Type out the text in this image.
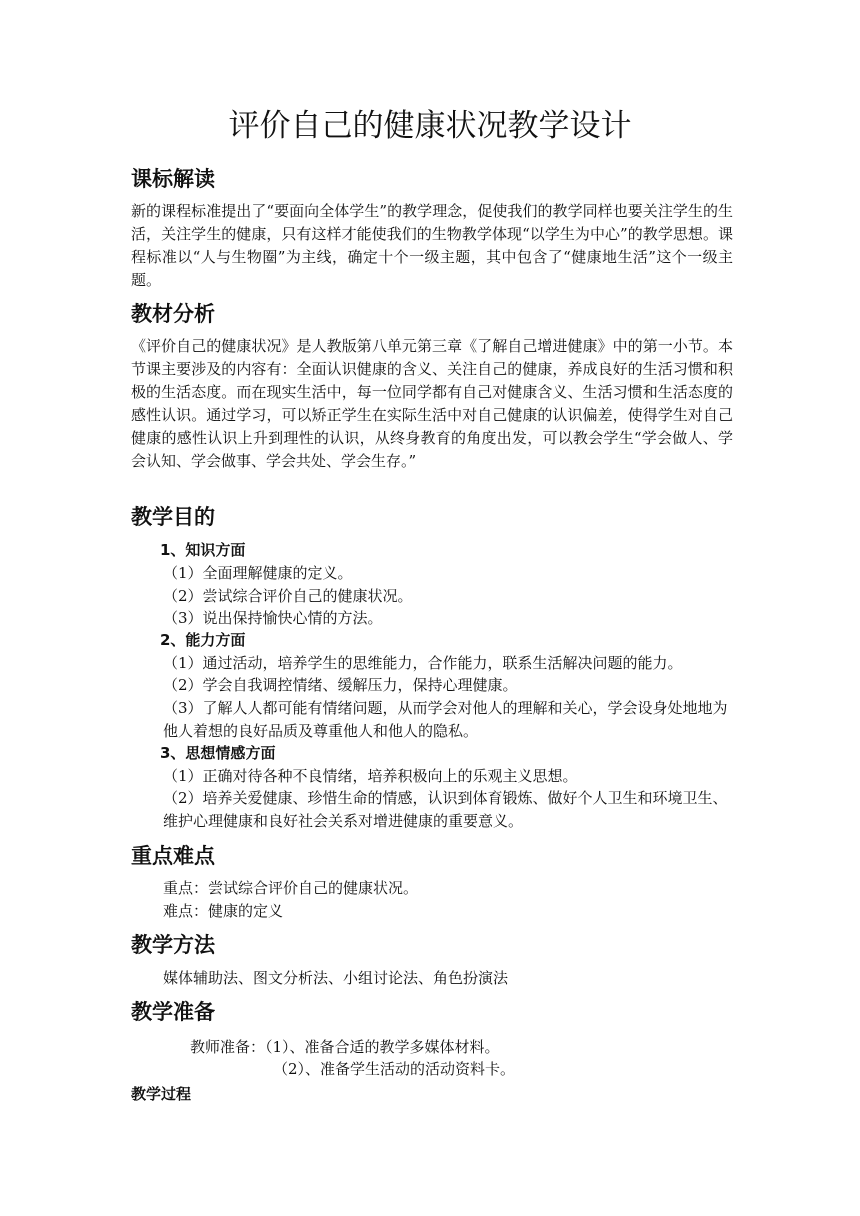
评价自己的健康状况教学设计
课标解读

新的课程标准提出了“要面向全体学生”的教学理念，促使我们的教学同样也要关注学生的生活，关注学生的健康，只有这样才能使我们的生物教学体现“以学生为中心”的教学思想。课程标准以“人与生物圈”为主线，确定十个一级主题，其中包含了“健康地生活”这个一级主题。

教材分析

《评价自己的健康状况》是人教版第八单元第三章《了解自己增进健康》中的第一小节。本节课主要涉及的内容有：全面认识健康的含义、关注自己的健康，养成良好的生活习惯和积极的生活态度。而在现实生活中，每一位同学都有自己对健康含义、生活习惯和生活态度的感性认识。通过学习，可以矫正学生在实际生活中对自己健康的认识偏差，使得学生对自己健康的感性认识上升到理性的认识，从终身教育的角度出发，可以教会学生“学会做人、学会认知、学会做事、学会共处、学会生存。”

教学目的
1、知识方面
（1）全面理解健康的定义。
（2）尝试综合评价自己的健康状况。
（3）说出保持愉快心情的方法。
2、能力方面
（1）通过活动，培养学生的思维能力，合作能力，联系生活解决问题的能力。
（2）学会自我调控情绪、缓解压力，保持心理健康。

（3）了解人人都可能有情绪问题，从而学会对他人的理解和关心，学会设身处地地为他人着想的良好品质及尊重他人和他人的隐私。

3、思想情感方面
（1）正确对待各种不良情绪，培养积极向上的乐观主义思想。

（2）培养关爱健康、珍惜生命的情感，认识到体育锻炼、做好个人卫生和环境卫生、维护心理健康和良好社会关系对增进健康的重要意义。

重点难点
重点：尝试综合评价自己的健康状况。
难点：健康的定义
教学方法
媒体辅助法、图文分析法、小组讨论法、角色扮演法
教学准备
教师准备：（1）、准备合适的教学多媒体材料。
（2）、准备学生活动的活动资料卡。
教学过程
